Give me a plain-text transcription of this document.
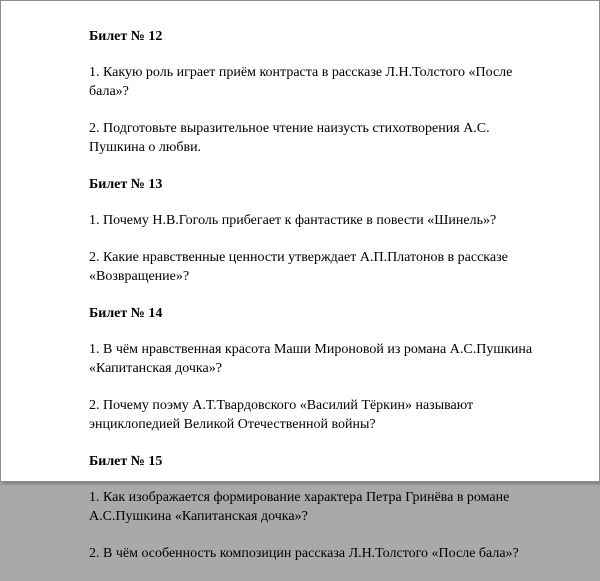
Билет № 12

1. Какую роль играет приём контраста в рассказе Л.Н.Толстого «После бала»?

2. Подготовьте выразительное чтение наизусть стихотворения А.С. Пушкина о любви.

Билет № 13

1. Почему Н.В.Гоголь прибегает к фантастике в повести «Шинель»?

2. Какие нравственные ценности утверждает А.П.Платонов в рассказе «Возвращение»?

Билет № 14

1. В чём нравственная красота Маши Мироновой из романа А.С.Пушкина «Капитанская дочка»?

2. Почему поэму А.Т.Твардовского «Василий Тёркин» называют энциклопедией Великой Отечественной войны?

Билет № 15

1. Как изображается формирование характера Петра Гринёва в романе А.С.Пушкина «Капитанская дочка»?

2. В чём особенность композицин рассказа Л.Н.Толстого «После бала»?
